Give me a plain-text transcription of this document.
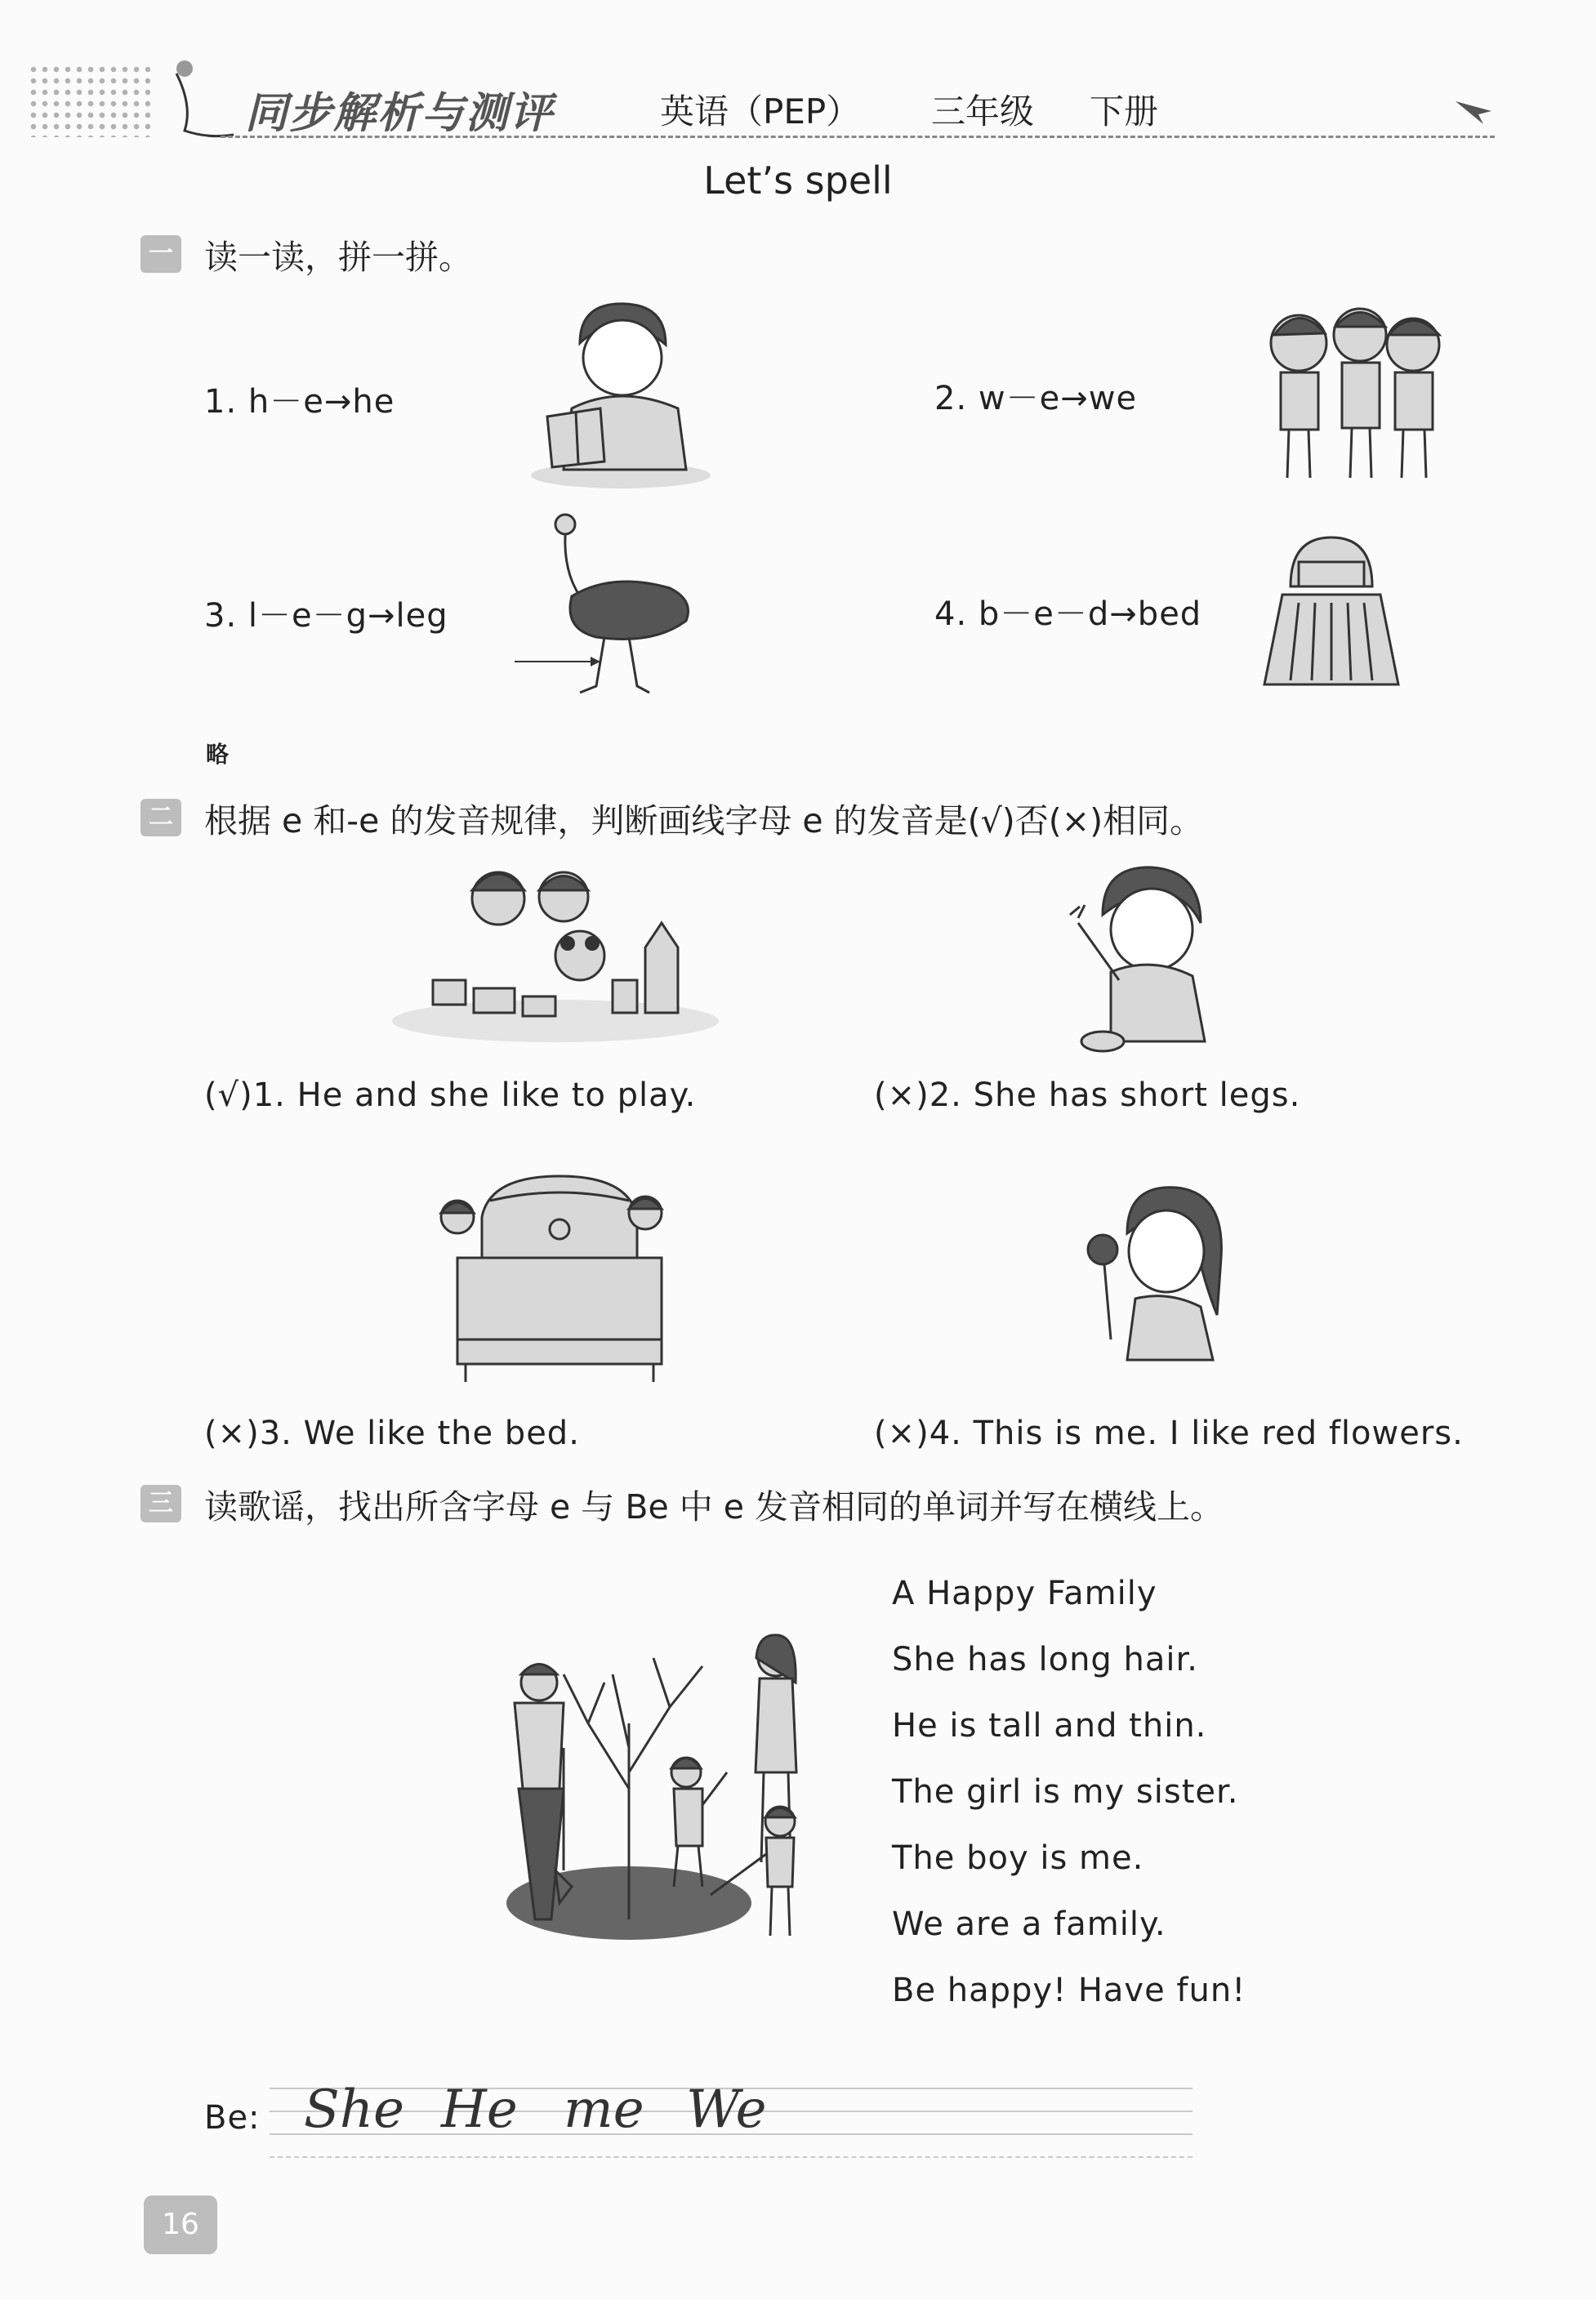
同步解析与测评	英语（PEP） 三年级 下册
Let’s spell
一 读一读，拼一拼。
1. h－e→he	2. w－e→we
3. l－e－g→leg	4. b－e－d→bed
略
二 根据 e 和-e 的发音规律，判断画线字母 e 的发音是(√)否(×)相同。
(√)1. He and she like to play.	(×)2. She has short legs.
(×)3. We like the bed.	(×)4. This is me. I like red flowers.
三 读歌谣，找出所含字母 e 与 Be 中 e 发音相同的单词并写在横线上。
A Happy Family
She has long hair.
He is tall and thin.
The girl is my sister.
The boy is me.
We are a family.
Be happy! Have fun!
Be: She He me We
16
